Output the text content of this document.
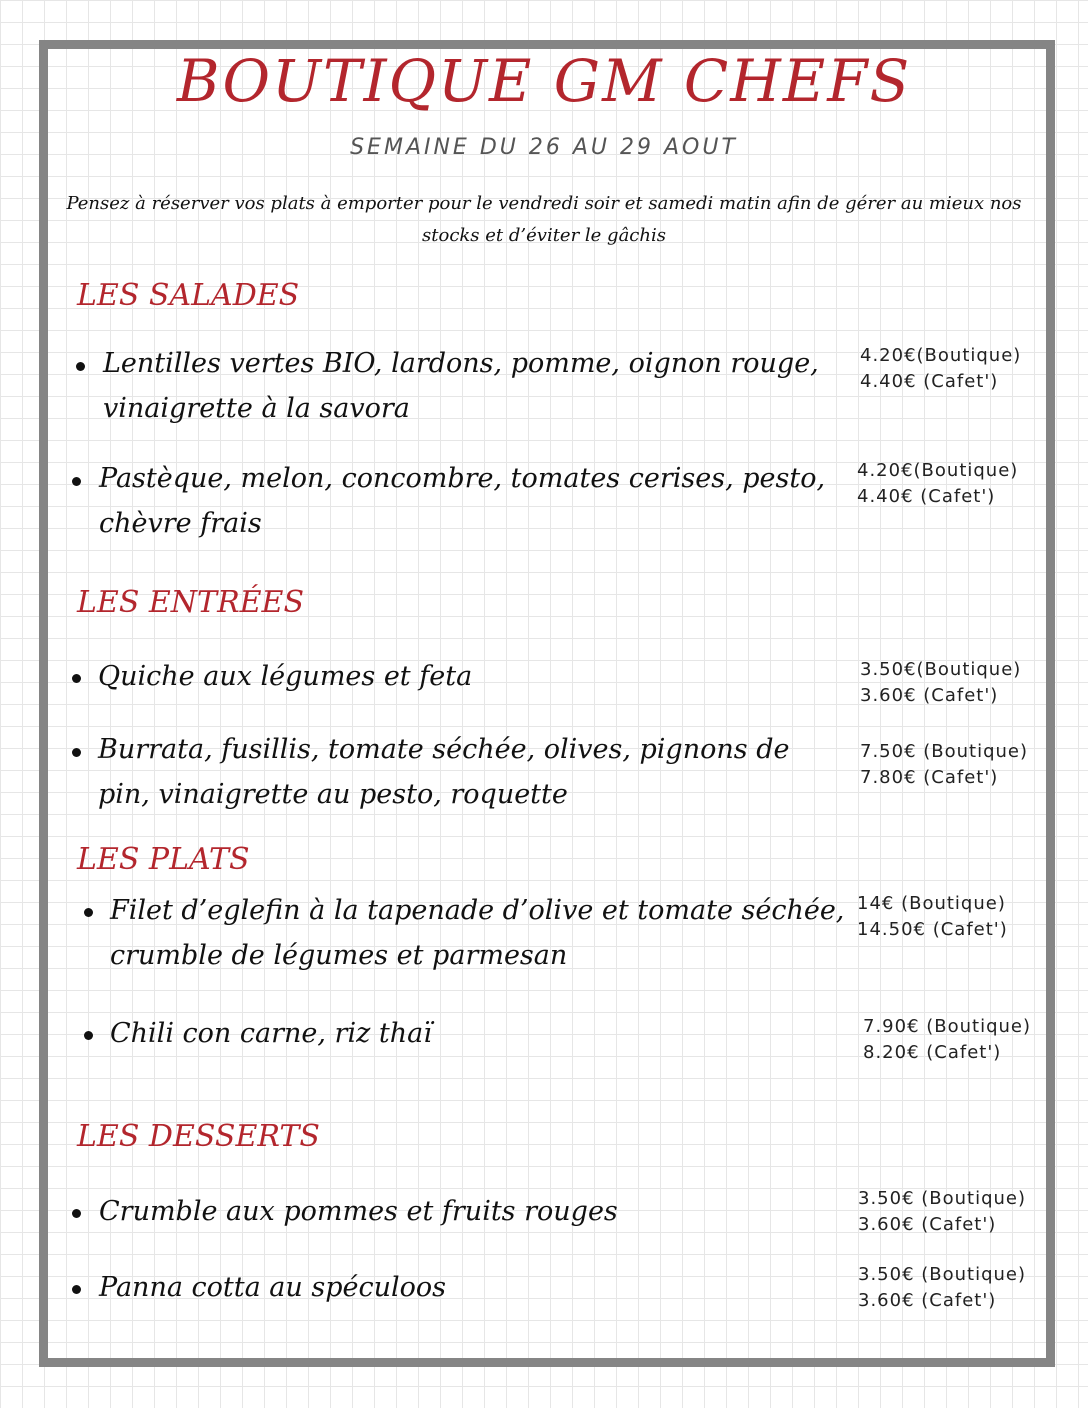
BOUTIQUE GM CHEFS
SEMAINE DU 26 AU 29 AOUT
Pensez à réserver vos plats à emporter pour le vendredi soir et samedi matin afin de gérer au mieux nos stocks et d’éviter le gâchis
LES SALADES
Lentilles vertes BIO, lardons, pomme, oignon rouge,
vinaigrette à la savora
4.20€(Boutique)
4.40€ (Cafet')
Pastèque, melon, concombre, tomates cerises, pesto,
chèvre frais
4.20€(Boutique)
4.40€ (Cafet')
LES ENTRÉES
Quiche aux légumes et feta	3.50€(Boutique)
3.60€ (Cafet')
Burrata, fusillis, tomate séchée, olives, pignons de
pin, vinaigrette au pesto, roquette
7.50€ (Boutique)
7.80€ (Cafet')
LES PLATS
Filet d’eglefin à la tapenade d’olive et tomate séchée,
crumble de légumes et parmesan
14€ (Boutique)
14.50€ (Cafet')
Chili con carne, riz thaï	7.90€ (Boutique)
8.20€ (Cafet')
LES DESSERTS
Crumble aux pommes et fruits rouges	3.50€ (Boutique)
3.60€ (Cafet')
Panna cotta au spéculoos	3.50€ (Boutique)
3.60€ (Cafet')
